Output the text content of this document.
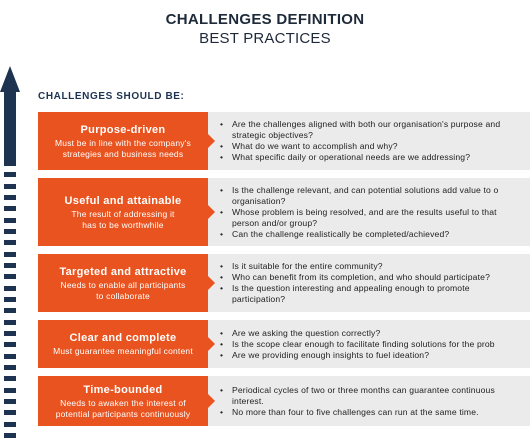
CHALLENGES DEFINITION
BEST PRACTICES
CHALLENGES SHOULD BE:
Purpose-driven
Must be in line with the company's
strategies and business needs
• Are the challenges aligned with both our organisation's purpose and
strategic objectives?
• What do we want to accomplish and why?
• What specific daily or operational needs are we addressing?
Useful and attainable
The result of addressing it
has to be worthwhile
• Is the challenge relevant, and can potential solutions add value to o
organisation?
• Whose problem is being resolved, and are the results useful to that
person and/or group?
• Can the challenge realistically be completed/achieved?
Targeted and attractive
Needs to enable all participants
to collaborate
• Is it suitable for the entire community?
• Who can benefit from its completion, and who should participate?
• Is the question interesting and appealing enough to promote
participation?
Clear and complete
Must guarantee meaningful content
• Are we asking the question correctly?
• Is the scope clear enough to facilitate finding solutions for the prob
• Are we providing enough insights to fuel ideation?
Time-bounded
Needs to awaken the interest of
potential participants continuously
• Periodical cycles of two or three months can guarantee continuous
interest.
• No more than four to five challenges can run at the same time.
